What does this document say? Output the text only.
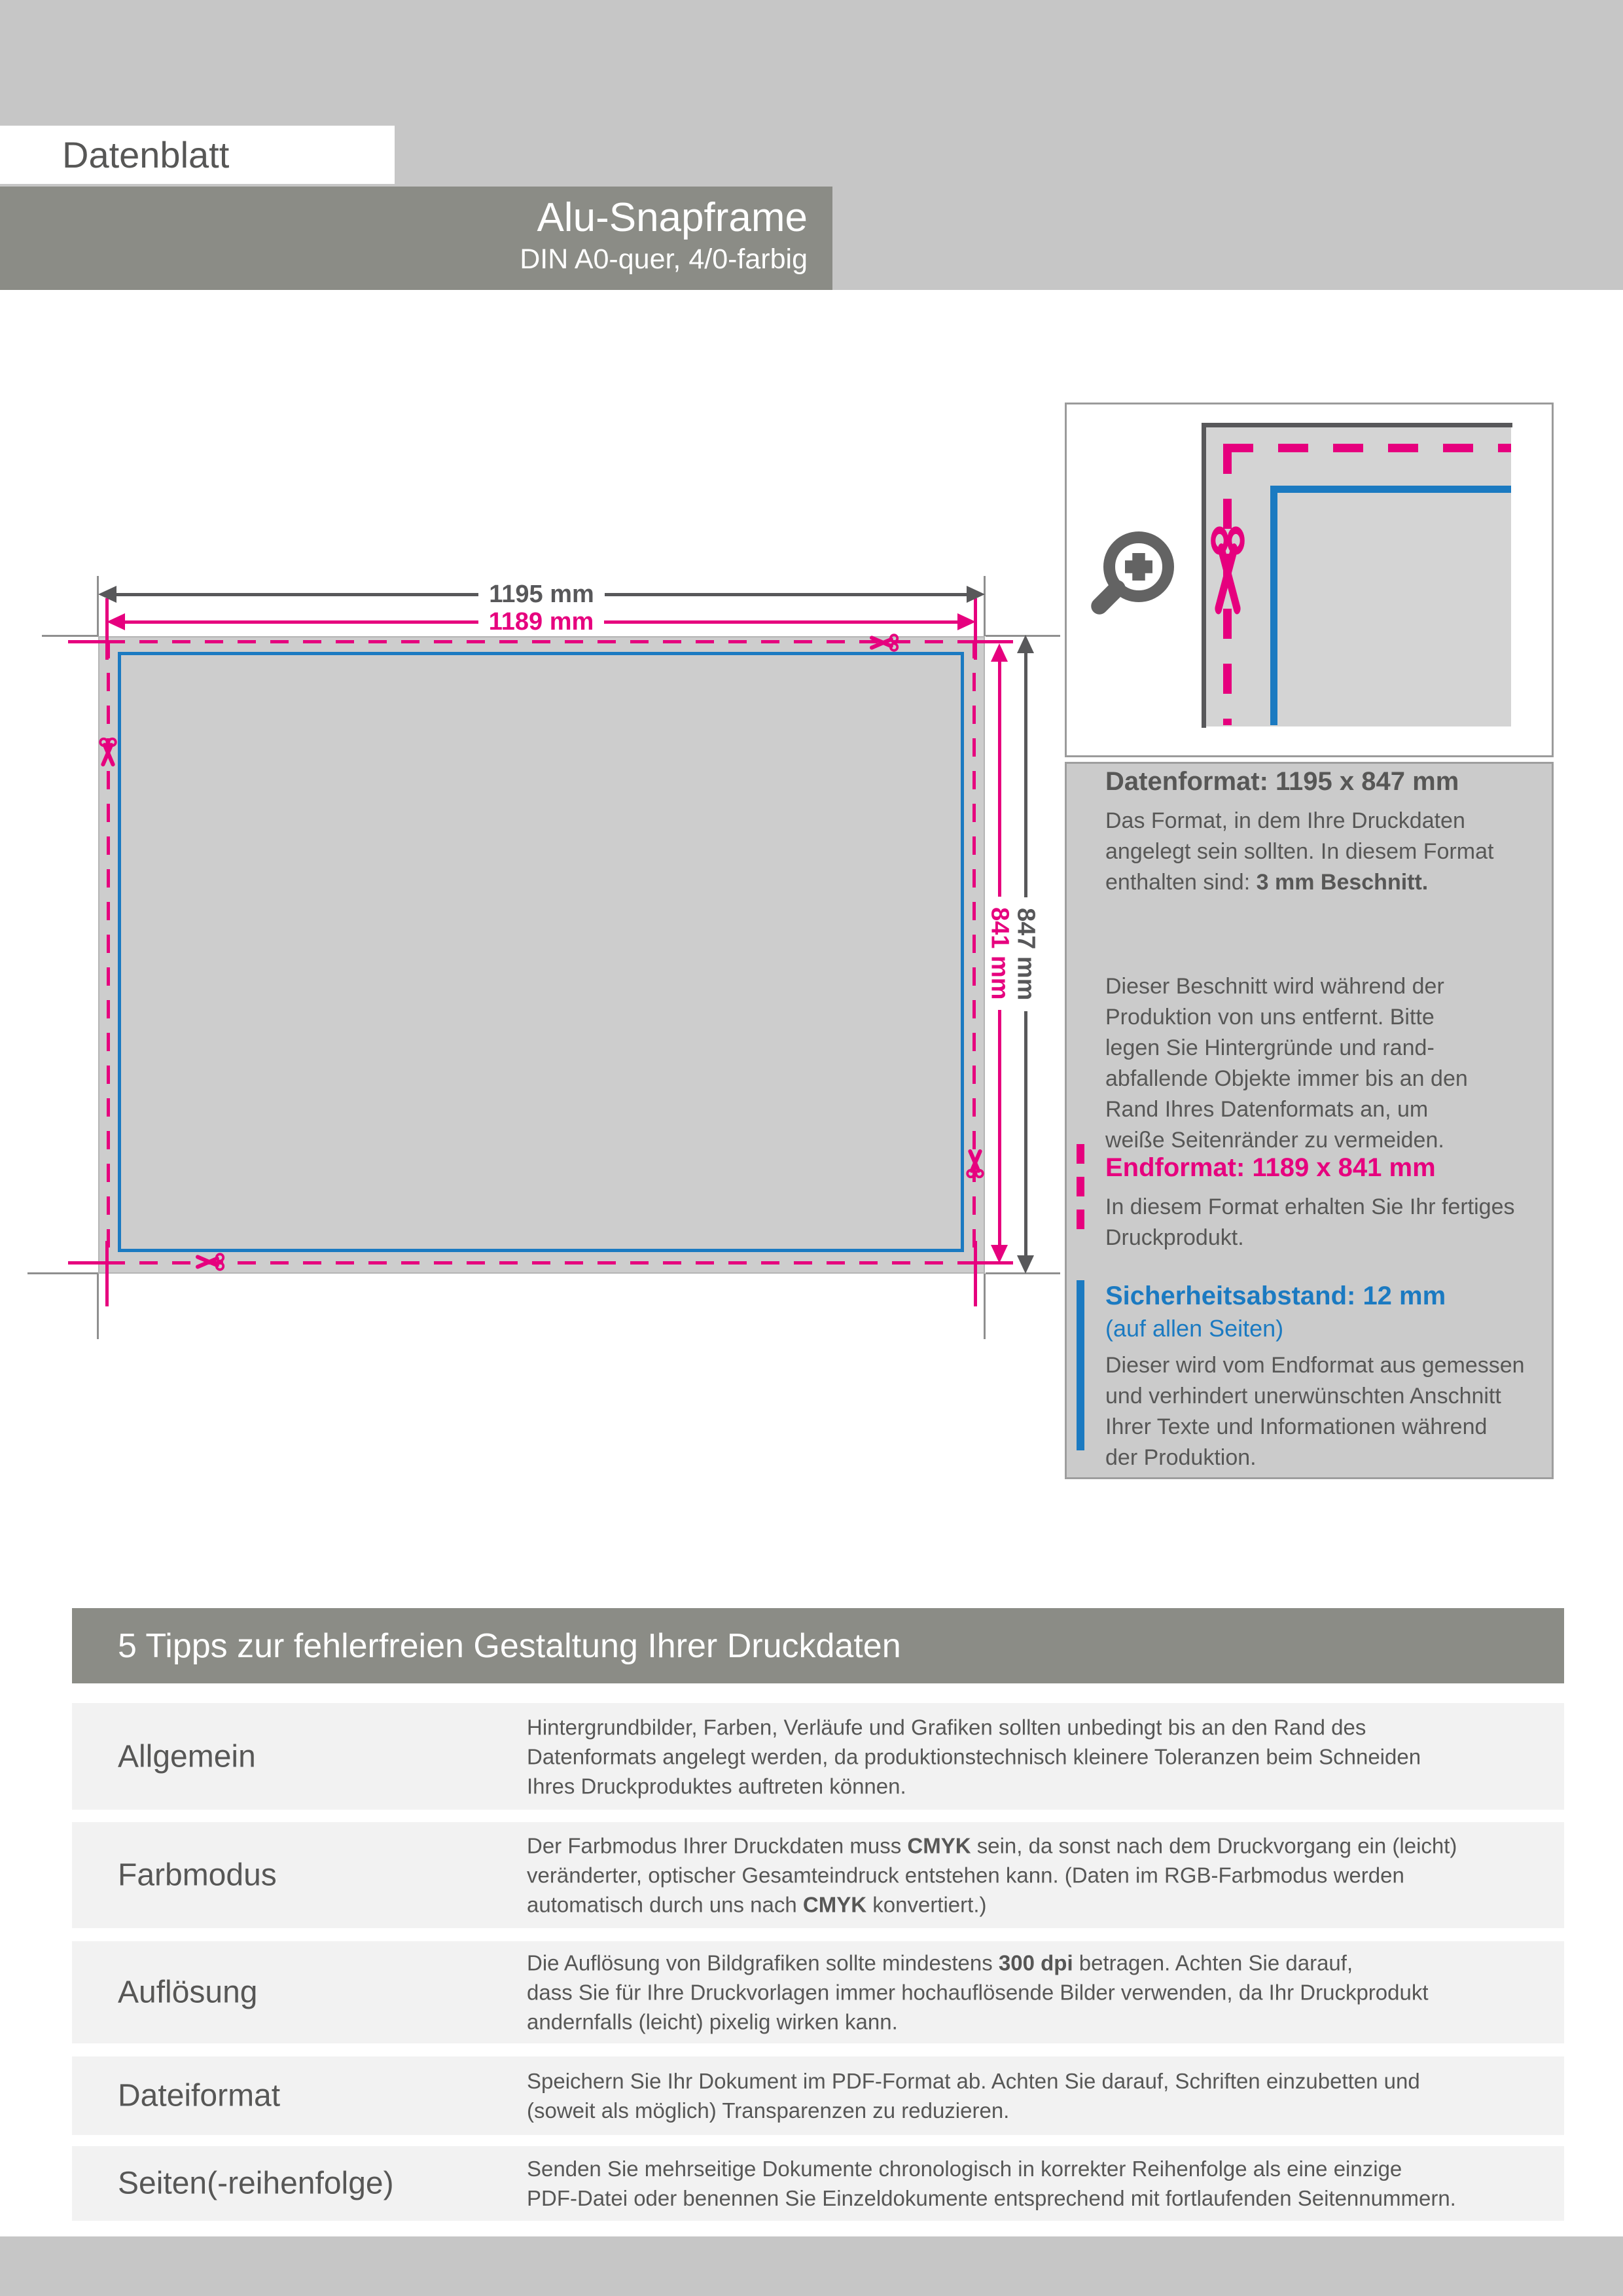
Datenblatt
Alu-Snapframe
DIN A0-quer, 4/0-farbig
1195 mm
1189 mm
841 mm
847 mm
Datenformat: 1195 x 847 mm
Das Format, in dem Ihre Druckdaten
angelegt sein sollten. In diesem Format
enthalten sind: 3 mm Beschnitt.
Dieser Beschnitt wird während der
Produktion von uns entfernt. Bitte
legen Sie Hintergründe und rand-
abfallende Objekte immer bis an den
Rand Ihres Datenformats an, um
weiße Seitenränder zu vermeiden.
Endformat: 1189 x 841 mm
In diesem Format erhalten Sie Ihr fertiges
Druckprodukt.
Sicherheitsabstand: 12 mm
(auf allen Seiten)
Dieser wird vom Endformat aus gemessen
und verhindert unerwünschten Anschnitt
Ihrer Texte und Informationen während
der Produktion.
5 Tipps zur fehlerfreien Gestaltung Ihrer Druckdaten
Allgemein
Hintergrundbilder, Farben, Verläufe und Grafiken sollten unbedingt bis an den Rand des
Datenformats angelegt werden, da produktionstechnisch kleinere Toleranzen beim Schneiden
Ihres Druckproduktes auftreten können.
Farbmodus
Der Farbmodus Ihrer Druckdaten muss CMYK sein, da sonst nach dem Druckvorgang ein (leicht)
veränderter, optischer Gesamteindruck entstehen kann. (Daten im RGB-Farbmodus werden
automatisch durch uns nach CMYK konvertiert.)
Auflösung
Die Auflösung von Bildgrafiken sollte mindestens 300 dpi betragen. Achten Sie darauf,
dass Sie für Ihre Druckvorlagen immer hochauflösende Bilder verwenden, da Ihr Druckprodukt
andernfalls (leicht) pixelig wirken kann.
Dateiformat	Speichern Sie Ihr Dokument im PDF-Format ab. Achten Sie darauf, Schriften einzubetten und
(soweit als möglich) Transparenzen zu reduzieren.
Seiten(-reihenfolge)	Senden Sie mehrseitige Dokumente chronologisch in korrekter Reihenfolge als eine einzige
PDF-Datei oder benennen Sie Einzeldokumente entsprechend mit fortlaufenden Seitennummern.
